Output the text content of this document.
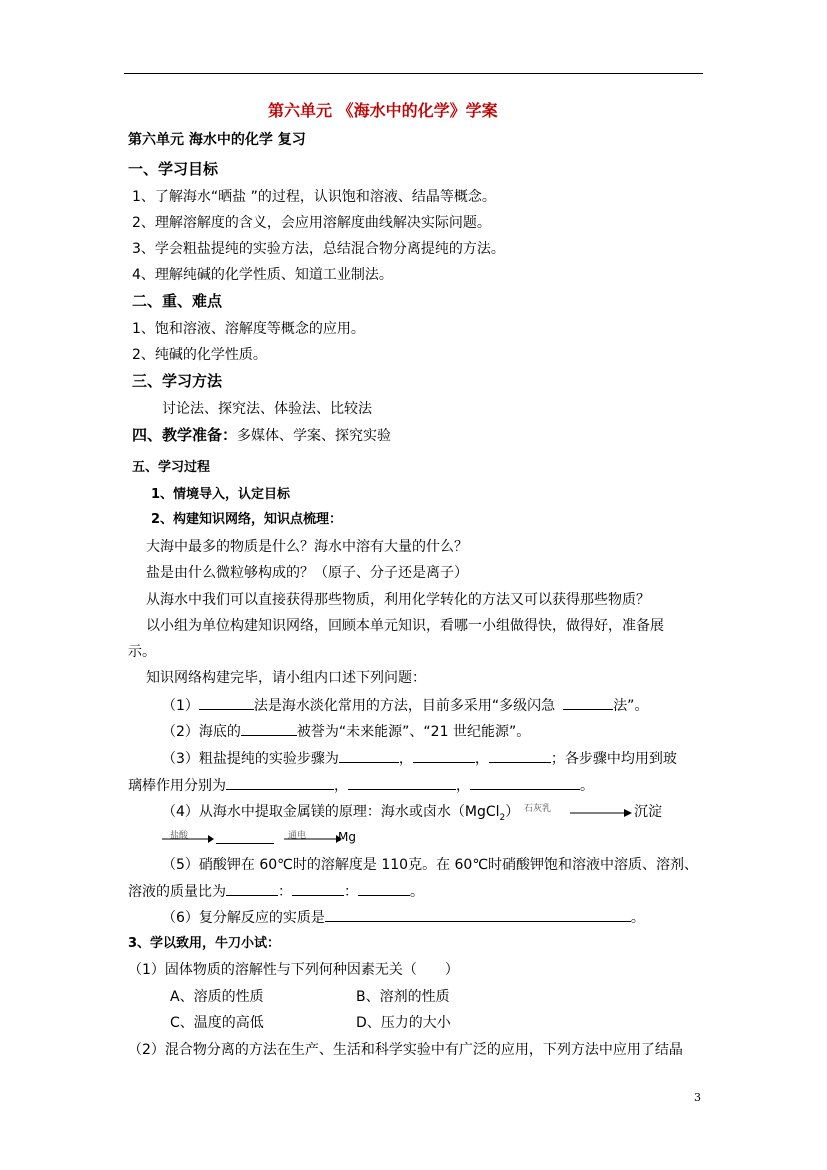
第六单元 《海水中的化学》学案
第六单元 海水中的化学 复习
一、学习目标
1、了解海水“晒盐 ”的过程，认识饱和溶液、结晶等概念。
2、理解溶解度的含义，会应用溶解度曲线解决实际问题。
3、学会粗盐提纯的实验方法，总结混合物分离提纯的方法。
4、理解纯碱的化学性质、知道工业制法。
二、重、难点
1、饱和溶液、溶解度等概念的应用。
2、纯碱的化学性质。
三、学习方法
讨论法、探究法、体验法、比较法
四、教学准备：多媒体、学案、探究实验
五、学习过程
1、情境导入，认定目标
2、构建知识网络，知识点梳理：
大海中最多的物质是什么？海水中溶有大量的什么？
盐是由什么微粒够构成的？（原子、分子还是离子）
从海水中我们可以直接获得那些物质，利用化学转化的方法又可以获得那些物质？
以小组为单位构建知识网络，回顾本单元知识，看哪一小组做得快，做得好，准备展
示。
知识网络构建完毕，请小组内口述下列问题：
（1）	法是海水淡化常用的方法，目前多采用“多级闪急	法”。
（2）海底的	被誉为“未来能源”、“21 世纪能源”。
（3）粗盐提纯的实验步骤为	，	，	；各步骤中均用到玻
璃棒作用分别为	，	，	。
（4）从海水中提取金属镁的原理：海水或卤水（MgCl$_2$） 石灰乳	沉淀
盐酸	通电	Mg
（5）硝酸钾在 60℃时的溶解度是 110克。在 60℃时硝酸钾饱和溶液中溶质、溶剂、
溶液的质量比为	：	：	。
（6）复分解反应的实质是	。
3、学以致用，牛刀小试：
（1）固体物质的溶解性与下列何种因素无关（　　）
A、溶质的性质	B、溶剂的性质
C、温度的高低	D、压力的大小
（2）混合物分离的方法在生产、生活和科学实验中有广泛的应用，下列方法中应用了结晶
3
